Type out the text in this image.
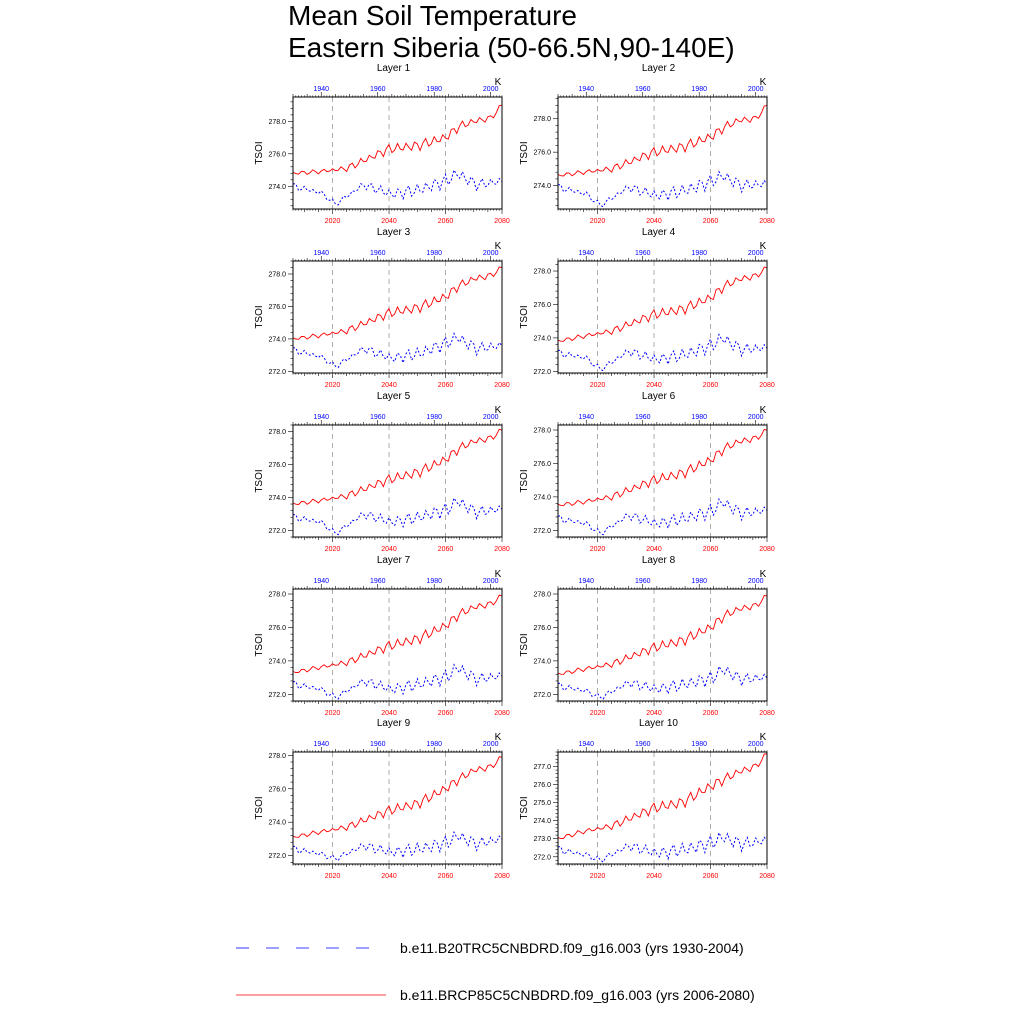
Mean Soil Temperature
Eastern Siberia (50-66.5N,90-140E)
Layer 1
K
TSOI
2020	2040	2060	2080
1940	1960	1980	2000
274.0
276.0
278.0
Layer 2
K
TSOI
2020	2040	2060	2080
1940	1960	1980	2000
274.0
276.0
278.0
Layer 3
K
TSOI
2020	2040	2060	2080
1940	1960	1980	2000
272.0
274.0
276.0
278.0
Layer 4
K
TSOI
2020	2040	2060	2080
1940	1960	1980	2000
272.0
274.0
276.0
278.0
Layer 5
K
TSOI
2020	2040	2060	2080
1940	1960	1980	2000
272.0
274.0
276.0
278.0
Layer 6
K
TSOI
2020	2040	2060	2080
1940	1960	1980	2000
272.0
274.0
276.0
278.0
Layer 7
K
TSOI
2020	2040	2060	2080
1940	1960	1980	2000
272.0
274.0
276.0
278.0
Layer 8
K
TSOI
2020	2040	2060	2080
1940	1960	1980	2000
272.0
274.0
276.0
278.0
Layer 9
K
TSOI
2020	2040	2060	2080
1940	1960	1980	2000
272.0
274.0
276.0
278.0
Layer 10
K
TSOI
2020	2040	2060	2080
1940	1960	1980	2000
272.0
273.0
274.0
275.0
276.0
277.0
b.e11.B20TRC5CNBDRD.f09_g16.003 (yrs 1930-2004)
b.e11.BRCP85C5CNBDRD.f09_g16.003 (yrs 2006-2080)
